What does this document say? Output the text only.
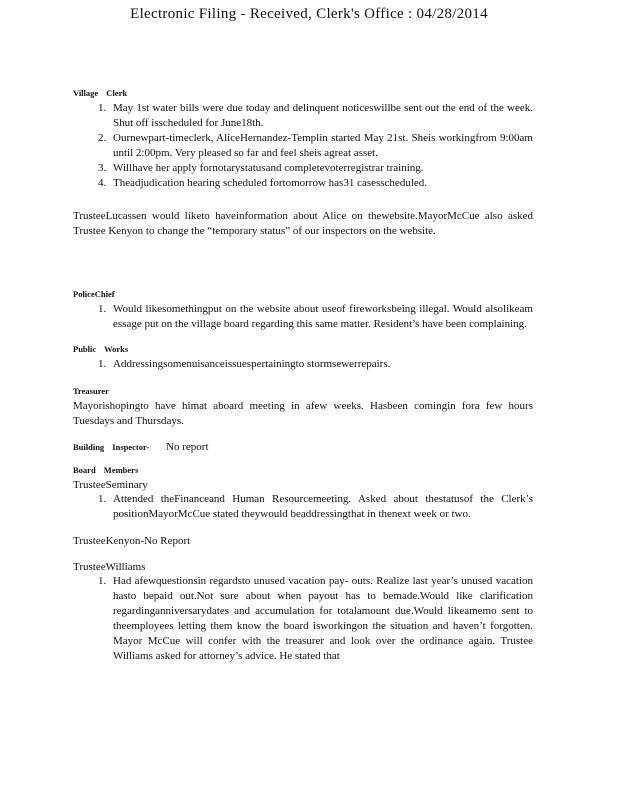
Electronic Filing - Received, Clerk's Office : 04/28/2014
Village Clerk
1. May 1st water bills were due today and delinquent noticeswillbe sent out the end of the week. Shut off isscheduled for June18th.
2. Ournewpart-timeclerk, AliceHernandez-Templin started May 21st. Sheis workingfrom 9:00am until 2:00pm. Very pleased so far and feel sheis agreat asset.
3. Willhave her apply fornotarystatusand completevoterregistrar training.
4. Theadjudication hearing scheduled fortomorrow has31 casesscheduled.

TrusteeLucassen would liketo haveinformation about Alice on thewebsite.MayorMcCue also asked Trustee Kenyon to change the “temporary status” of our inspectors on the website.

PoliceChief
1. Would likesomethingput on the website about useof fireworksbeing illegal. Would alsolikeam essage put on the village board regarding this same matter. Resident’s have been complaining.
Public Works
1. Addressingsomenuisanceissuespertainingto stormsewerrepairs.
Treasurer

Mayorishopingto have himat aboard meeting in afew weeks. Hasbeen comingin fora few hours Tuesdays and Thursdays.

Building Inspector- No report
Board Members

TrusteeSeminary

1. Attended theFinanceand Human Resourcemeeting. Asked about thestatusof the Clerk’s positionMayorMcCue stated theywould beaddressingthat in thenext week or two.

TrusteeKenyon-No Report

TrusteeWilliams

1. Had afewquestionsin regardsto unused vacation pay- outs. Realize last year’s unused vacation hasto bepaid out.Not sure about when payout has to bemade.Would like clarification regardinganniversarydates and accumulation for totalamount due.Would likeamemo sent to theemployees letting them know the board isworkingon the situation and haven’t forgotten. Mayor McCue will confer with the treasurer and look over the ordinance again. Trustee Williams asked for attorney’s advice. He stated that
